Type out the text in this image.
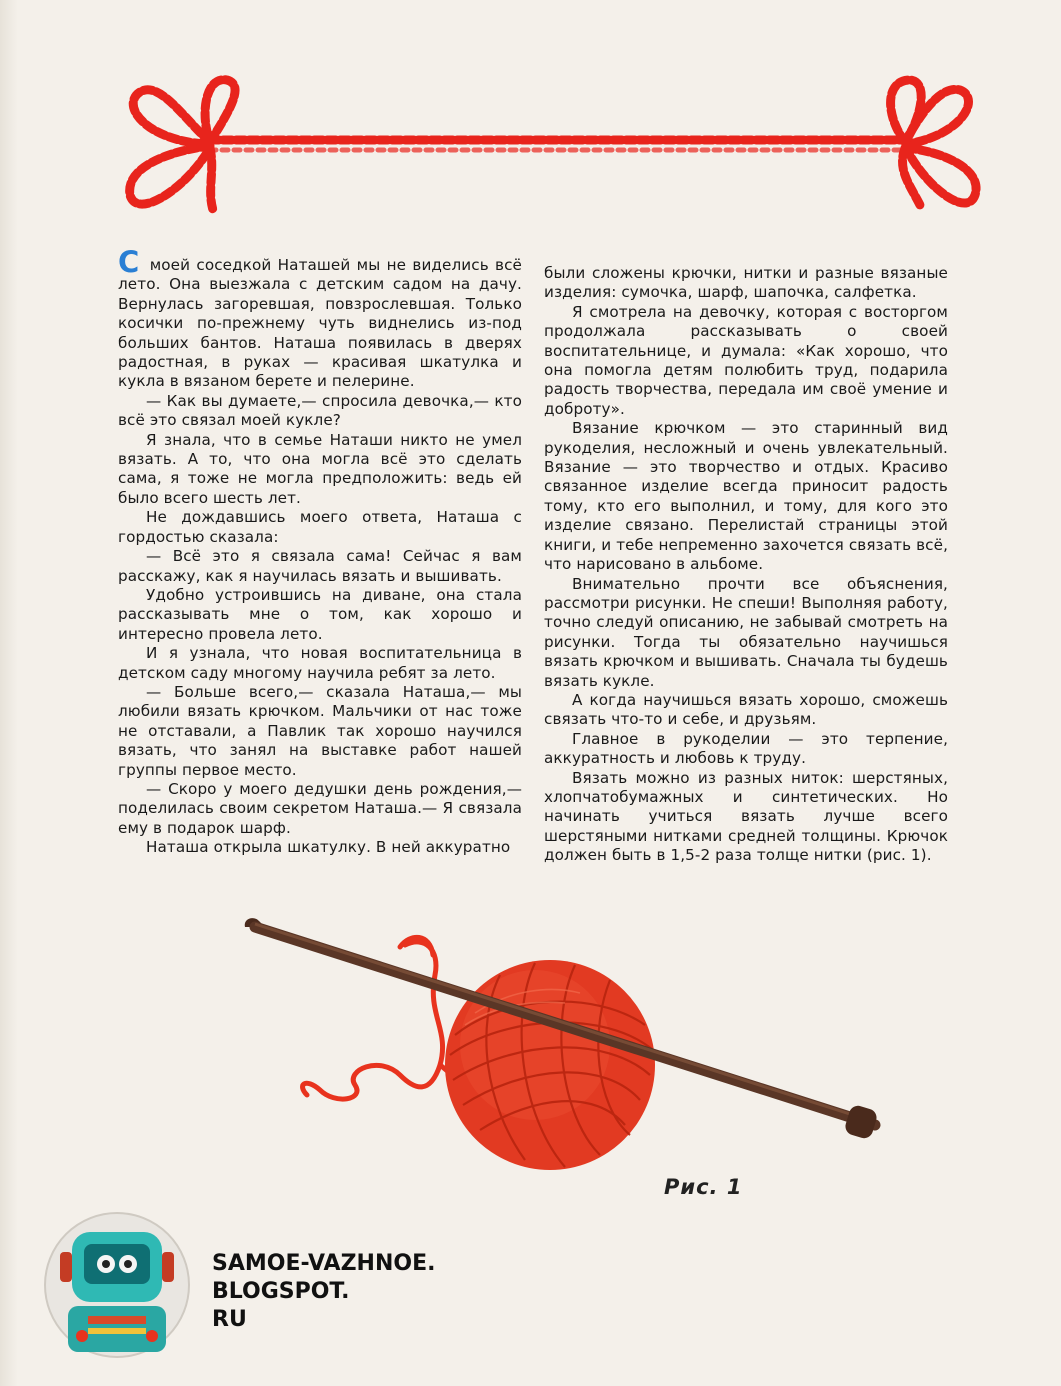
С моей соседкой Наташей мы не виделись всё лето. Она выезжала с детским садом на дачу. Вернулась загоревшая, повзрослевшая. Только косички по-прежнему чуть виднелись из-под больших бантов. Наташа появилась в дверях радостная, в руках — красивая шкатулка и кукла в вязаном берете и пелерине.

— Как вы думаете,— спросила девочка,— кто всё это связал моей кукле?

Я знала, что в семье Наташи никто не умел вязать. А то, что она могла всё это сделать сама, я тоже не могла предположить: ведь ей было всего шесть лет.

Не дождавшись моего ответа, Наташа с гордостью сказала:

— Всё это я связала сама! Сейчас я вам расскажу, как я научилась вязать и вышивать.

Удобно устроившись на диване, она стала рассказывать мне о том, как хорошо и интересно провела лето.

И я узнала, что новая воспитательница в детском саду многому научила ребят за лето.

— Больше всего,— сказала Наташа,— мы любили вязать крючком. Мальчики от нас тоже не отставали, а Павлик так хорошо научился вязать, что занял на выставке работ нашей группы первое место.

— Скоро у моего дедушки день рождения,— поделилась своим секретом Наташа.— Я связала ему в подарок шарф.

Наташа открыла шкатулку. В ней аккуратно

были сложены крючки, нитки и разные вязаные изделия: сумочка, шарф, шапочка, салфетка.

Я смотрела на девочку, которая с восторгом продолжала рассказывать о своей воспитательнице, и думала: «Как хорошо, что она помогла детям полюбить труд, подарила радость творчества, передала им своё умение и доброту».

Вязание крючком — это старинный вид рукоделия, несложный и очень увлекательный. Вязание — это творчество и отдых. Красиво связанное изделие всегда приносит радость тому, кто его выполнил, и тому, для кого это изделие связано. Перелистай страницы этой книги, и тебе непременно захочется связать всё, что нарисовано в альбоме.

Внимательно прочти все объяснения, рассмотри рисунки. Не спеши! Выполняя работу, точно следуй описанию, не забывай смотреть на рисунки. Тогда ты обязательно научишься вязать крючком и вышивать. Сначала ты будешь вязать кукле.

А когда научишься вязать хорошо, сможешь связать что-то и себе, и друзьям.

Главное в рукоделии — это терпение, аккуратность и любовь к труду.

Вязать можно из разных ниток: шерстяных, хлопчатобумажных и синтетических. Но начинать учиться вязать лучше всего шерстяными нитками средней толщины. Крючок должен быть в 1,5-2 раза толще нитки (рис. 1).

Рис. 1
SAMOE-VAZHNOE.
BLOGSPOT.
RU
